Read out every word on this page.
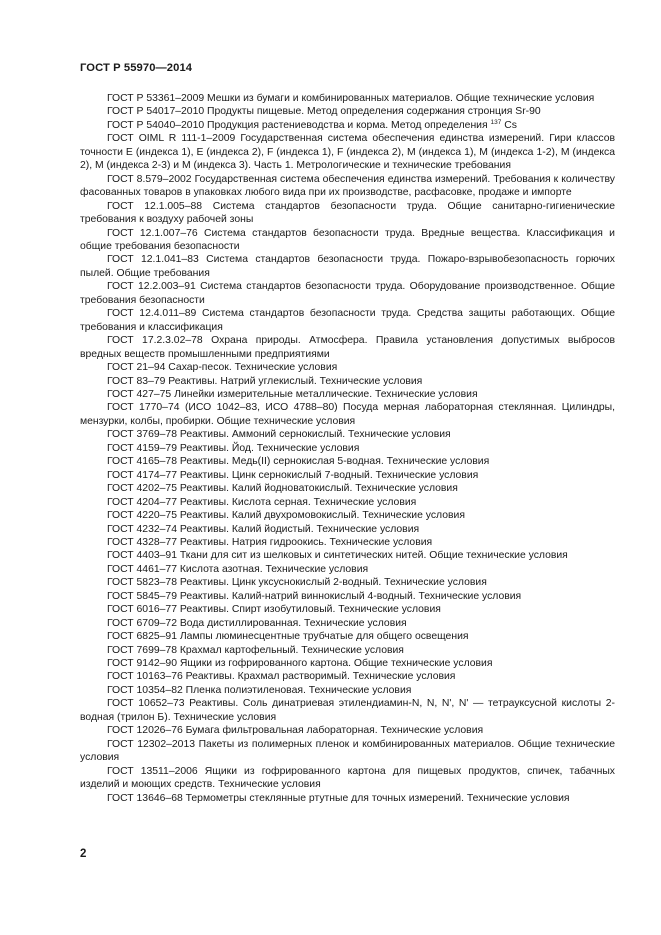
ГОСТ Р 55970—2014

ГОСТ Р 53361–2009 Мешки из бумаги и комбинированных материалов. Общие технические условия

ГОСТ Р 54017–2010 Продукты пищевые. Метод определения содержания стронция Sr-90

ГОСТ Р 54040–2010 Продукция растениеводства и корма. Метод определения $^{137}$ Cs

ГОСТ OIML R 111-1–2009 Государственная система обеспечения единства измерений. Гири классов точности E (индекса 1), E (индекса 2), F (индекса 1), F (индекса 2), M (индекса 1), M (индекса 1-2), M (индекса 2), M (индекса 2-3) и M (индекса 3). Часть 1. Метрологические и технические требования

ГОСТ 8.579–2002 Государственная система обеспечения единства измерений. Требования к количеству фасованных товаров в упаковках любого вида при их производстве, расфасовке, продаже и импорте

ГОСТ 12.1.005–88 Система стандартов безопасности труда. Общие санитарно-гигиенические требования к воздуху рабочей зоны

ГОСТ 12.1.007–76 Система стандартов безопасности труда. Вредные вещества. Классификация и общие требования безопасности

ГОСТ 12.1.041–83 Система стандартов безопасности труда. Пожаро-взрывобезопасность горючих пылей. Общие требования

ГОСТ 12.2.003–91 Система стандартов безопасности труда. Оборудование производственное. Общие требования безопасности

ГОСТ 12.4.011–89 Система стандартов безопасности труда. Средства защиты работающих. Общие требования и классификация

ГОСТ 17.2.3.02–78 Охрана природы. Атмосфера. Правила установления допустимых выбросов вредных веществ промышленными предприятиями

ГОСТ 21–94 Сахар-песок. Технические условия

ГОСТ 83–79 Реактивы. Натрий углекислый. Технические условия

ГОСТ 427–75 Линейки измерительные металлические. Технические условия

ГОСТ 1770–74 (ИСО 1042–83, ИСО 4788–80) Посуда мерная лабораторная стеклянная. Цилиндры, мензурки, колбы, пробирки. Общие технические условия

ГОСТ 3769–78 Реактивы. Аммоний сернокислый. Технические условия

ГОСТ 4159–79 Реактивы. Йод. Технические условия

ГОСТ 4165–78 Реактивы. Медь(II) сернокислая 5-водная. Технические условия

ГОСТ 4174–77 Реактивы. Цинк сернокислый 7-водный. Технические условия

ГОСТ 4202–75 Реактивы. Калий йодноватокислый. Технические условия

ГОСТ 4204–77 Реактивы. Кислота серная. Технические условия

ГОСТ 4220–75 Реактивы. Калий двухромовокислый. Технические условия

ГОСТ 4232–74 Реактивы. Калий йодистый. Технические условия

ГОСТ 4328–77 Реактивы. Натрия гидроокись. Технические условия

ГОСТ 4403–91 Ткани для сит из шелковых и синтетических нитей. Общие технические условия

ГОСТ 4461–77 Кислота азотная. Технические условия

ГОСТ 5823–78 Реактивы. Цинк уксуснокислый 2-водный. Технические условия

ГОСТ 5845–79 Реактивы. Калий-натрий виннокислый 4-водный. Технические условия

ГОСТ 6016–77 Реактивы. Спирт изобутиловый. Технические условия

ГОСТ 6709–72 Вода дистиллированная. Технические условия

ГОСТ 6825–91 Лампы люминесцентные трубчатые для общего освещения

ГОСТ 7699–78 Крахмал картофельный. Технические условия

ГОСТ 9142–90 Ящики из гофрированного картона. Общие технические условия

ГОСТ 10163–76 Реактивы. Крахмал растворимый. Технические условия

ГОСТ 10354–82 Пленка полиэтиленовая. Технические условия

ГОСТ 10652–73 Реактивы. Соль динатриевая этилендиамин-N, N, N', N' — тетрауксусной кислоты 2-водная (трилон Б). Технические условия

ГОСТ 12026–76 Бумага фильтровальная лабораторная. Технические условия

ГОСТ 12302–2013 Пакеты из полимерных пленок и комбинированных материалов. Общие технические условия

ГОСТ 13511–2006 Ящики из гофрированного картона для пищевых продуктов, спичек, табачных изделий и моющих средств. Технические условия

ГОСТ 13646–68 Термометры стеклянные ртутные для точных измерений. Технические условия

2
